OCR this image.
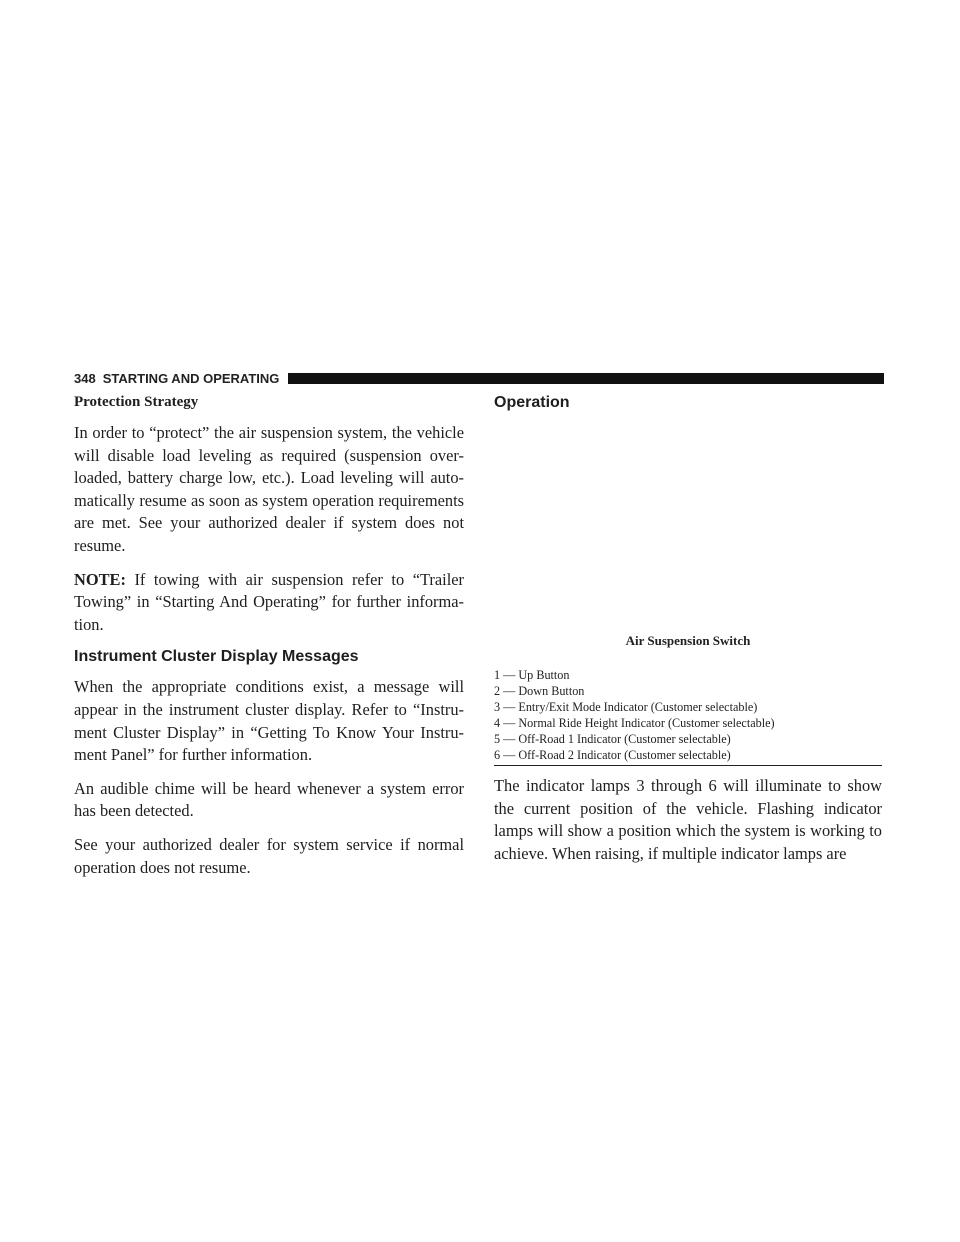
348 STARTING AND OPERATING
Protection Strategy

In order to “protect” the air suspension system, the vehicle will disable load leveling as required (suspension over-loaded, battery charge low, etc.). Load leveling will auto-matically resume as soon as system operation requirements are met. See your authorized dealer if system does not resume.

NOTE: If towing with air suspension refer to “Trailer Towing” in “Starting And Operating” for further informa-tion.

Instrument Cluster Display Messages

When the appropriate conditions exist, a message will appear in the instrument cluster display. Refer to “Instru-ment Cluster Display” in “Getting To Know Your Instru-ment Panel” for further information.

An audible chime will be heard whenever a system error has been detected.

See your authorized dealer for system service if normal operation does not resume.

Operation
Air Suspension Switch
1 — Up Button
2 — Down Button
3 — Entry/Exit Mode Indicator (Customer selectable)
4 — Normal Ride Height Indicator (Customer selectable)
5 — Off-Road 1 Indicator (Customer selectable)
6 — Off-Road 2 Indicator (Customer selectable)

The indicator lamps 3 through 6 will illuminate to show the current position of the vehicle. Flashing indicator lamps will show a position which the system is working to achieve. When raising, if multiple indicator lamps are
